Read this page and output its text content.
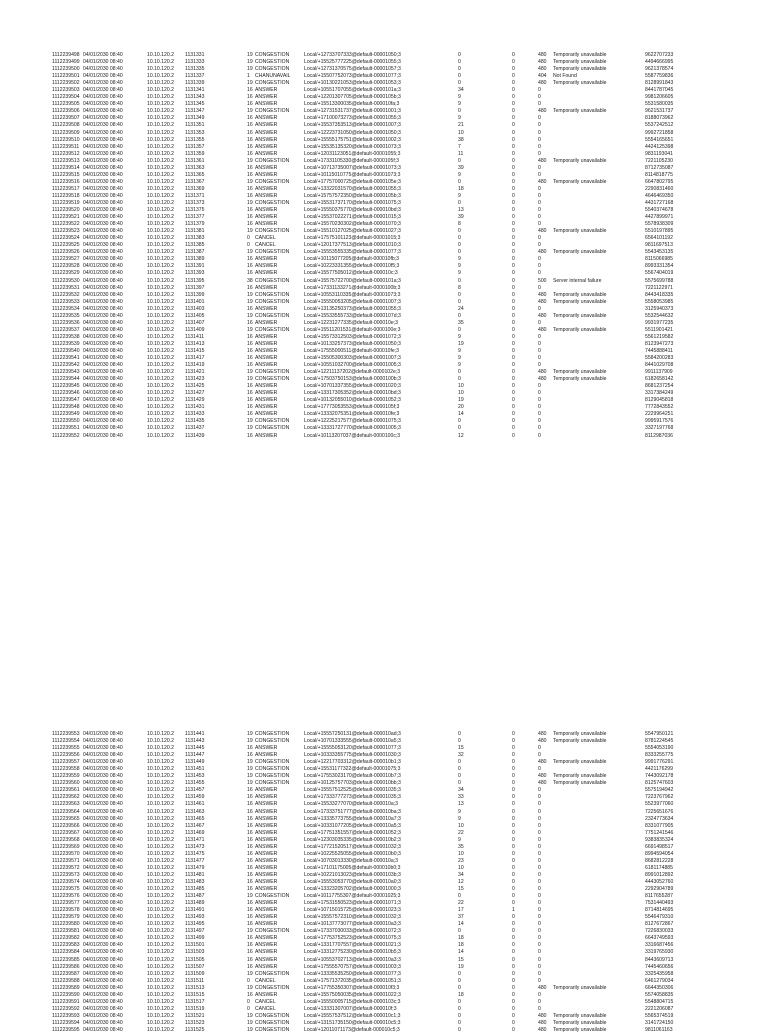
1112239498 04/01/2030 08:40	10.10.120.2 1131331	19 CONGESTION	Local/+12733707333@default-00001050;3	0	0	480 Temporarily unavailable	9622707233
1112239499 04/01/2030 08:40	10.10.120.2 1131333	19 CONGESTION	Local/+15525777225@default-00001055;3	0	0	480 Temporarily unavailable	4494666995
1112239500 04/01/2030 08:40	10.10.120.2 1131335	19 CONGESTION	Local/+12731370575@default-00001057;3	0	0	480 Temporarily unavailable	9621378574
1112239501 04/01/2030 08:40	10.10.120.2 1131337	1 CHANUNAVAIL	Local/+15507752073@default-00001077;3	0	0	404 Not Found	5587759836
1112239502 04/01/2030 08:40	10.10.120.2 1131339	19 CONGESTION	Local/+10130221053@default-00001053;3	0	0	480 Temporarily unavailable	8128991843
1112239503 04/01/2030 08:40	10.10.120.2 1131341	16 ANSWER	Local/+10551707055@default-0000101a;3	34	0	0	8441787045
1112239504 04/01/2030 08:40	10.10.120.2 1131343	16 ANSWER	Local/+12201307705@default-0000105b;3	9	0	0	9981206605
1112239505 04/01/2030 08:40	10.10.120.2 1131345	16 ANSWER	Local/+15513300035@default-000010fa;3	9	0	0	5531580035
1112239506 04/01/2030 08:40	10.10.120.2 1131347	19 CONGESTION	Local/+12731531737@default-00001001;3	0	0	480 Temporarily unavailable	9621531737
1112239507 04/01/2030 08:40	10.10.120.2 1131349	16 ANSWER	Local/+17100073273@default-00001055;3	9	0	0	8188073962
1112239508 04/01/2030 08:40	10.10.120.2 1131351	16 ANSWER	Local/+15537353513@default-00001007;3	21	0	0	5537242512
1112239509 04/01/2030 08:40	10.10.120.2 1131353	16 ANSWER	Local/+12223731050@default-00001050;3	10	0	0	9992721858
1112239510 04/01/2030 08:40	10.10.120.2 1131355	16 ANSWER	Local/+15555175751@default-00001002;3	38	0	0	5554165651
1112239511 04/01/2030 08:40	10.10.120.2 1131357	16 ANSWER	Local/+15535135320@default-00001073;3	7	0	0	4424125398
1112239512 04/01/2030 08:40	10.10.120.2 1131359	16 ANSWER	Local/+12031123051@default-00001055;3	11	0	0	9831193041
1112239513 04/01/2030 08:40	10.10.120.2 1131361	19 CONGESTION	Local/+17331105330@default-0000105f;3	0	0	480 Temporarily unavailable	7221105230
1112239514 04/01/2030 08:40	10.10.120.2 1131363	16 ANSWER	Local/+10713735007@default-00001073;3	39	0	0	8712735087
1112239515 04/01/2030 08:40	10.10.120.2 1131365	16 ANSWER	Local/+10115010775@default-00001073;3	9	0	0	8114818775
1112239516 04/01/2030 08:40	10.10.120.2 1131367	19 CONGESTION	Local/+17757000725@default-0000105e;3	0	0	480 Temporarily unavailable	6647802795
1112239517 04/01/2030 08:40	10.10.120.2 1131369	16 ANSWER	Local/+13322031570@default-00001055;3	18	0	0	2290831460
1112239518 04/01/2030 08:40	10.10.120.2 1131371	16 ANSWER	Local/+15757572350@default-0000105b;3	9	0	0	4646469350
1112239519 04/01/2030 08:40	10.10.120.2 1131373	19 CONGESTION	Local/+15531737170@default-00001075;3	0	0	0	4431727168
1112239520 04/01/2030 08:40	10.10.120.2 1131375	16 ANSWER	Local/+15550375770@default-000010bd;3	13	0	0	5540374678
1112239521 04/01/2030 08:40	10.10.120.2 1131377	16 ANSWER	Local/+15537022271@default-00001015;3	39	0	0	4427899971
1112239522 04/01/2030 08:40	10.10.120.2 1131379	16 ANSWER	Local/+15570230302@default-00001070;3	8	0	0	5578938309
1112239523 04/01/2030 08:40	10.10.120.2 1131381	19 CONGESTION	Local/+15510127025@default-00001027;3	0	0	480 Temporarily unavailable	5510197895
1112239524 04/01/2030 08:40	10.10.120.2 1131383	0 CANCEL	Local/+17575101123@default-00001015;3	0	0	0	6564101192
1112239525 04/01/2030 08:40	10.10.120.2 1131385	0 CANCEL	Local/+12017377513@default-00001010;3	0	0	0	9811697513
1112239526 04/01/2030 08:40	10.10.120.2 1131387	19 CONGESTION	Local/+15553555335@default-00001077;3	0	0	480 Temporarily unavailable	5543453135
1112239527 04/01/2030 08:40	10.10.120.2 1131389	16 ANSWER	Local/+10115077205@default-000010fb;3	9	0	0	8115066985
1112239528 04/01/2030 08:40	10.10.120.2 1131391	16 ANSWER	Local/+10223331355@default-000010f5;3	9	0	0	8993331354
1112239529 04/01/2030 08:40	10.10.120.2 1131393	16 ANSWER	Local/+15577505012@default-000010c;3	9	0	0	5567404019
1112239530 04/01/2030 08:40	10.10.120.2 1131395	38 CONGESTION	Local/+15575722700@default-0000101a;3	0	0	500 Server internal failure	5575699788
1112239531 04/01/2030 08:40	10.10.120.2 1131397	16 ANSWER	Local/+17331133271@default-0000100b;3	8	0	0	7221122971
1112239532 04/01/2030 08:40	10.10.120.2 1131399	19 CONGESTION	Local/+10553110335@default-00001073;3	0	0	480 Temporarily unavailable	8443418335
1112239533 04/01/2030 08:40	10.10.120.2 1131401	19 CONGESTION	Local/+15550053205@default-00001007;3	0	0	480 Temporarily unavailable	5558053985
1112239534 04/01/2030 08:40	10.10.120.2 1131403	16 ANSWER	Local/+13135250373@default-00001055;3	24	0	0	3125940373
1112239535 04/01/2030 08:40	10.10.120.2 1131405	19 CONGESTION	Local/+15533555733@default-0000107d;3	0	0	480 Temporarily unavailable	5532544632
1112239536 04/01/2030 08:40	10.10.120.2 1131407	16 ANSWER	Local/+12231277335@default-000010e;3	35	0	0	9931977235
1112239537 04/01/2030 08:40	10.10.120.2 1131409	19 CONGESTION	Local/+15511201531@default-0000100e;3	0	0	480 Temporarily unavailable	5511901421
1112239538 04/01/2030 08:40	10.10.120.2 1131411	16 ANSWER	Local/+15573312503@default-00001072;3	9	0	0	5561219582
1112239539 04/01/2030 08:40	10.10.120.2 1131413	16 ANSWER	Local/+10133257373@default-00001050;3	19	0	0	8123947273
1112239540 04/01/2030 08:40	10.10.120.2 1131415	16 ANSWER	Local/+17555000511@default-000010fe;3	9	0	0	7445888411
1112239541 04/01/2030 08:40	10.10.120.2 1131417	16 ANSWER	Local/+15505300303@default-00001007;3	9	0	0	5584200283
1112239542 04/01/2030 08:40	10.10.120.2 1131419	16 ANSWER	Local/+10551032700@default-00001005;3	9	0	0	8441029708
1112239543 04/01/2030 08:40	10.10.120.2 1131421	19 CONGESTION	Local/+12211137202@default-0000102e;3	0	0	480 Temporarily unavailable	9911137909
1112239544 04/01/2030 08:40	10.10.120.2 1131423	19 CONGESTION	Local/+17503750153@default-0000100b;3	0	0	480 Temporarily unavailable	6182658142
1112239545 04/01/2030 08:40	10.10.120.2 1131425	16 ANSWER	Local/+10701337355@default-00001020;3	10	0	0	8681237254
1112239546 04/01/2030 08:40	10.10.120.2 1131427	16 ANSWER	Local/+13317305352@default-000010bd;3	10	0	0	3317384249
1112239547 04/01/2030 08:40	10.10.120.2 1131429	16 ANSWER	Local/+10132055010@default-00001052;3	19	0	0	8129045818
1112239548 04/01/2030 08:40	10.10.120.2 1131431	16 ANSWER	Local/+17773053553@default-0000105f;3	20	0	0	7772843552
1112239549 04/01/2030 08:40	10.10.120.2 1131433	16 ANSWER	Local/+13332075351@default-000010fe;3	14	0	0	2229964251
1112239550 04/01/2030 08:40	10.10.120.2 1131435	19 CONGESTION	Local/+12225217577@default-00001075;3	0	0	0	9995917576
1112239551 04/01/2030 08:40	10.10.120.2 1131437	19 CONGESTION	Local/+13331727770@default-00001005;3	0	0	0	3327197768
1112239552 04/01/2030 08:40	10.10.120.2 1131439	16 ANSWER	Local/+10113207037@default-0000100c;3	12	0	0	8112987036
1112239553 04/01/2030 08:40	10.10.120.2 1131441	19 CONGESTION	Local/+15557250131@default-000010ad;3	0	0	480 Temporarily unavailable	5547950121
1112239554 04/01/2030 08:40	10.10.120.2 1131443	19 CONGESTION	Local/+10701333555@default-000010a5;3	0	0	480 Temporarily unavailable	8781224545
1112239555 04/01/2030 08:40	10.10.120.2 1131445	16 ANSWER	Local/+15555053120@default-00001077;3	15	0	0	5554053190
1112239556 04/01/2030 08:40	10.10.120.2 1131447	16 ANSWER	Local/+10333355775@default-00001030;3	32	0	0	8333255775
1112239557 04/01/2030 08:40	10.10.120.2 1131449	19 CONGESTION	Local/+12217703312@default-000010b1;3	0	0	480 Temporarily unavailable	9991776291
1112239558 04/01/2030 08:40	10.10.120.2 1131451	19 CONGESTION	Local/+15531177322@default-00001075;3	0	0	0	4421176299
1112239559 04/01/2030 08:40	10.10.120.2 1131453	19 CONGESTION	Local/+17553023170@default-000010b7;3	0	0	480 Temporarily unavailable	7443092178
1112239560 04/01/2030 08:40	10.10.120.2 1131455	19 CONGESTION	Local/+10125757703@default-000010bb;3	0	0	480 Temporarily unavailable	8125747603
1112239561 04/01/2030 08:40	10.10.120.2 1131457	16 ANSWER	Local/+15557512525@default-00001035;3	34	0	0	5575194942
1112239562 04/01/2030 08:40	10.10.120.2 1131459	16 ANSWER	Local/+17333777273@default-00001035;3	33	0	0	7223767962
1112239563 04/01/2030 08:40	10.10.120.2 1131461	16 ANSWER	Local/+15533277070@default-000010a;3	13	0	0	5523977060
1112239564 04/01/2030 08:40	10.10.120.2 1131463	16 ANSWER	Local/+17333751777@default-000010ba;3	9	0	0	7225651676
1112239565 04/01/2030 08:40	10.10.120.2 1131465	16 ANSWER	Local/+13335773755@default-000010a7;3	9	0	0	2324773634
1112239566 04/01/2030 08:40	10.10.120.2 1131467	16 ANSWER	Local/+10331077205@default-000010a5;3	10	0	0	8331077905
1112239567 04/01/2030 08:40	10.10.120.2 1131469	16 ANSWER	Local/+17751351557@default-00001052;3	22	0	0	7751241546
1112239568 04/01/2030 08:40	10.10.120.2 1131471	16 ANSWER	Local/+12303035335@default-000010b2;3	9	0	0	9383835324
1112239569 04/01/2030 08:40	10.10.120.2 1131473	16 ANSWER	Local/+17721520517@default-00001032;3	35	0	0	6691498517
1112239570 04/01/2030 08:40	10.10.120.2 1131475	16 ANSWER	Local/+10225525055@default-000010b0;3	10	0	0	8994594054
1112239571 04/01/2030 08:40	10.10.120.2 1131477	16 ANSWER	Local/+10703013330@default-000010a;3	23	0	0	8682812228
1112239572 04/01/2030 08:40	10.10.120.2 1131479	16 ANSWER	Local/+17101175005@default-000010b0;3	10	0	0	6181174885
1112239573 04/01/2030 08:40	10.10.120.2 1131481	16 ANSWER	Local/+10221013023@default-0000103b;3	34	0	0	8991012892
1112239574 04/01/2030 08:40	10.10.120.2 1131483	16 ANSWER	Local/+15553053770@default-000010a0;3	12	0	0	4443052760
1112239575 04/01/2030 08:40	10.10.120.2 1131485	16 ANSWER	Local/+13323205702@default-00001000;3	15	0	0	2292904789
1112239576 04/01/2030 08:40	10.10.120.2 1131487	19 CONGESTION	Local/+10117755307@default-00001025;3	0	0	0	8117655287
1112239577 04/01/2030 08:40	10.10.120.2 1131489	16 ANSWER	Local/+17531550523@default-00001071;3	22	0	0	7531440493
1112239578 04/01/2030 08:40	10.10.120.2 1131491	16 ANSWER	Local/+10715015725@default-00001023;3	17	1	0	8714814695
1112239579 04/01/2030 08:40	10.10.120.2 1131493	16 ANSWER	Local/+15557572310@default-00001032;3	37	0	0	5546479310
1112239580 04/01/2030 08:40	10.10.120.2 1131495	16 ANSWER	Local/+10137773077@default-000010a3;3	14	0	0	8127672867
1112239581 04/01/2030 08:40	10.10.120.2 1131497	19 CONGESTION	Local/+17337030033@default-00001072;3	0	0	0	7226830033
1112239582 04/01/2030 08:40	10.10.120.2 1131499	16 ANSWER	Local/+17753752523@default-00001075;3	18	0	0	6643749593
1112239583 04/01/2030 08:40	10.10.120.2 1131501	16 ANSWER	Local/+13317707557@default-00001021;3	18	0	0	3316687456
1112239584 04/01/2030 08:40	10.10.120.2 1131503	16 ANSWER	Local/+13312775230@default-000010b5;3	14	0	0	3319765930
1112239585 04/01/2030 08:40	10.10.120.2 1131505	16 ANSWER	Local/+10553702713@default-000010a3;3	15	0	0	8443609713
1112239586 04/01/2030 08:40	10.10.120.2 1131507	16 ANSWER	Local/+17555570757@default-00001003;3	19	0	0	7445460656
1112239587 04/01/2030 08:40	10.10.120.2 1131509	19 CONGESTION	Local/+13335535250@default-00001077;3	0	0	0	3325435958
1112239588 04/01/2030 08:40	10.10.120.2 1131511	0 CANCEL	Local/+17571372035@default-00001051;3	0	0	0	6461279034
1112239589 04/01/2030 08:40	10.10.120.2 1131513	19 CONGESTION	Local/+17755350307@default-000010f3;3	0	0	480 Temporarily unavailable	6644350306
1112239590 04/01/2030 08:40	10.10.120.2 1131515	16 ANSWER	Local/+15575050035@default-00001022;3	18	0	0	5574058835
1112239591 04/01/2030 08:40	10.10.120.2 1131517	0 CANCEL	Local/+15550005715@default-0000103c;3	0	0	0	5548804715
1112239592 04/01/2030 08:40	10.10.120.2 1131519	0 CANCEL	Local/+13331307007@default-000010f;3	0	0	0	2221206087
1112239593 04/01/2030 08:40	10.10.120.2 1131521	19 CONGESTION	Local/+15557537512@default-000010c1;3	0	0	480 Temporarily unavailable	5565374519
1112239594 04/01/2030 08:40	10.10.120.2 1131523	19 CONGESTION	Local/+13151735150@default-000010c5;3	0	0	480 Temporarily unavailable	3141724150
1112239595 04/01/2030 08:40	10.10.120.2 1131525	19 CONGESTION	Local/+12011071173@default-000010c5;3	0	0	480 Temporarily unavailable	9811061163
